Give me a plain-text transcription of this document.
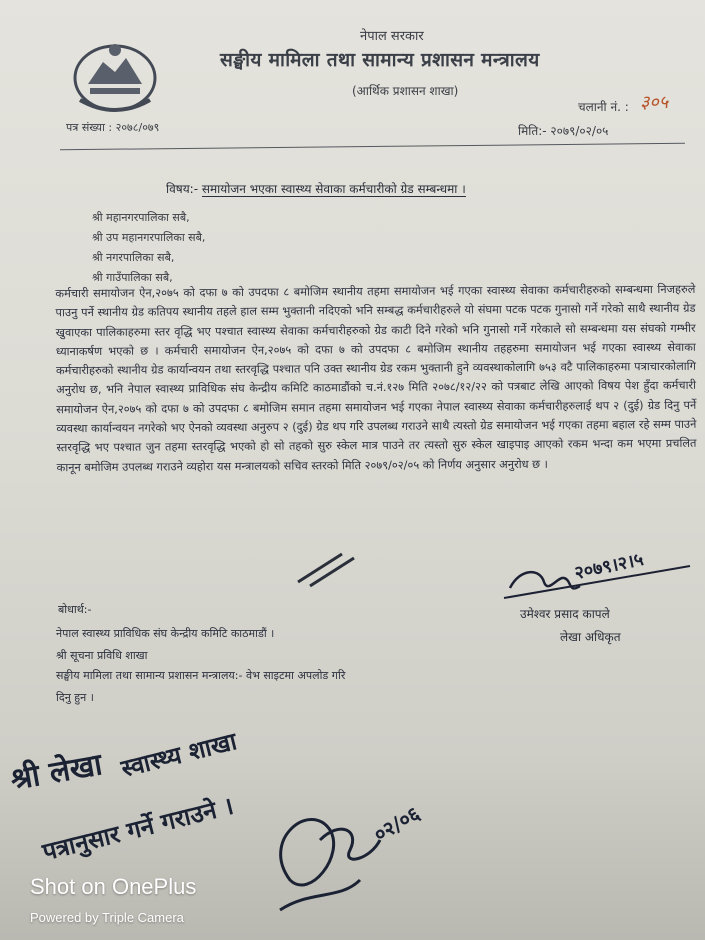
नेपाल सरकार
सङ्घीय मामिला तथा सामान्य प्रशासन मन्त्रालय
(आर्थिक प्रशासन शाखा)
चलानी नं. : ३०५
पत्र संख्या : २०७८/०७९	मिति:- २०७९/०२/०५
विषय:- समायोजन भएका स्वास्थ्य सेवाका कर्मचारीको ग्रेड सम्बन्धमा ।
श्री महानगरपालिका सबै,
श्री उप महानगरपालिका सबै,
श्री नगरपालिका सबै,
श्री गाउँपालिका सबै,
कर्मचारी समायोजन ऐन,२०७५ को दफा ७ को उपदफा ८ बमोजिम स्थानीय तहमा समायोजन भई गएका स्वास्थ्य सेवाका कर्मचारीहरुको सम्बन्धमा निजहरुले पाउनु पर्ने स्थानीय ग्रेड कतिपय स्थानीय तहले हाल सम्म भुक्तानी नदिएको भनि सम्बद्ध कर्मचारीहरुले यो संघमा पटक पटक गुनासो गर्ने गरेको साथै स्थानीय ग्रेड खुवाएका पालिकाहरुमा स्तर वृद्धि भए पश्चात स्वास्थ्य सेवाका कर्मचारीहरुको ग्रेड काटी दिने गरेको भनि गुनासो गर्ने गरेकाले सो सम्बन्धमा यस संघको गम्भीर ध्यानाकर्षण भएको छ । कर्मचारी समायोजन ऐन,२०७५ को दफा ७ को उपदफा ८ बमोजिम स्थानीय तहहरुमा समायोजन भई गएका स्वास्थ्य सेवाका कर्मचारीहरुको स्थानीय ग्रेड कार्यान्वयन तथा स्तरवृद्धि पश्चात पनि उक्त स्थानीय ग्रेड रकम भुक्तानी हुने व्यवस्थाकोलागि ७५३ वटै पालिकाहरुमा पत्राचारकोलागि अनुरोध छ, भनि नेपाल स्वास्थ्य प्राविधिक संघ केन्द्रीय कमिटि काठमाडौंको च.नं.१२७ मिति २०७८/१२/२२ को पत्रबाट लेखि आएको विषय पेश हुँदा कर्मचारी समायोजन ऐन,२०७५ को दफा ७ को उपदफा ८ बमोजिम समान तहमा समायोजन भई गएका नेपाल स्वास्थ्य सेवाका कर्मचारीहरुलाई थप २ (दुई) ग्रेड दिनु पर्ने व्यवस्था कार्यान्वयन नगरेको भए ऐनको व्यवस्था अनुरुप २ (दुई) ग्रेड थप गरि उपलब्ध गराउने साथै त्यस्तो ग्रेड समायोजन भई गएका तहमा बहाल रहे सम्म पाउने स्तरवृद्धि भए पश्चात जुन तहमा स्तरवृद्धि भएको हो सो तहको सुरु स्केल मात्र पाउने तर त्यस्तो सुरु स्केल खाइपाइ आएको रकम भन्दा कम भएमा प्रचलित कानून बमोजिम उपलब्ध गराउने व्यहोरा यस मन्त्रालयको सचिव स्तरको मिति २०७९/०२/०५ को निर्णय अनुसार अनुरोध छ ।
२०७९।२।५
उमेश्वर प्रसाद कापले
लेखा अधिकृत
बोधार्थ:-
नेपाल स्वास्थ्य प्राविधिक संघ केन्द्रीय कमिटि काठमाडौं ।
श्री सूचना प्रविधि शाखा
सङ्घीय मामिला तथा सामान्य प्रशासन मन्त्रालय:- वेभ साइटमा अपलोड गरि
दिनु हुन ।
श्री लेखा स्वास्थ्य शाखा
पत्रानुसार गर्ने गराउने ।	०२/०६
Shot on OnePlus
Powered by Triple Camera
